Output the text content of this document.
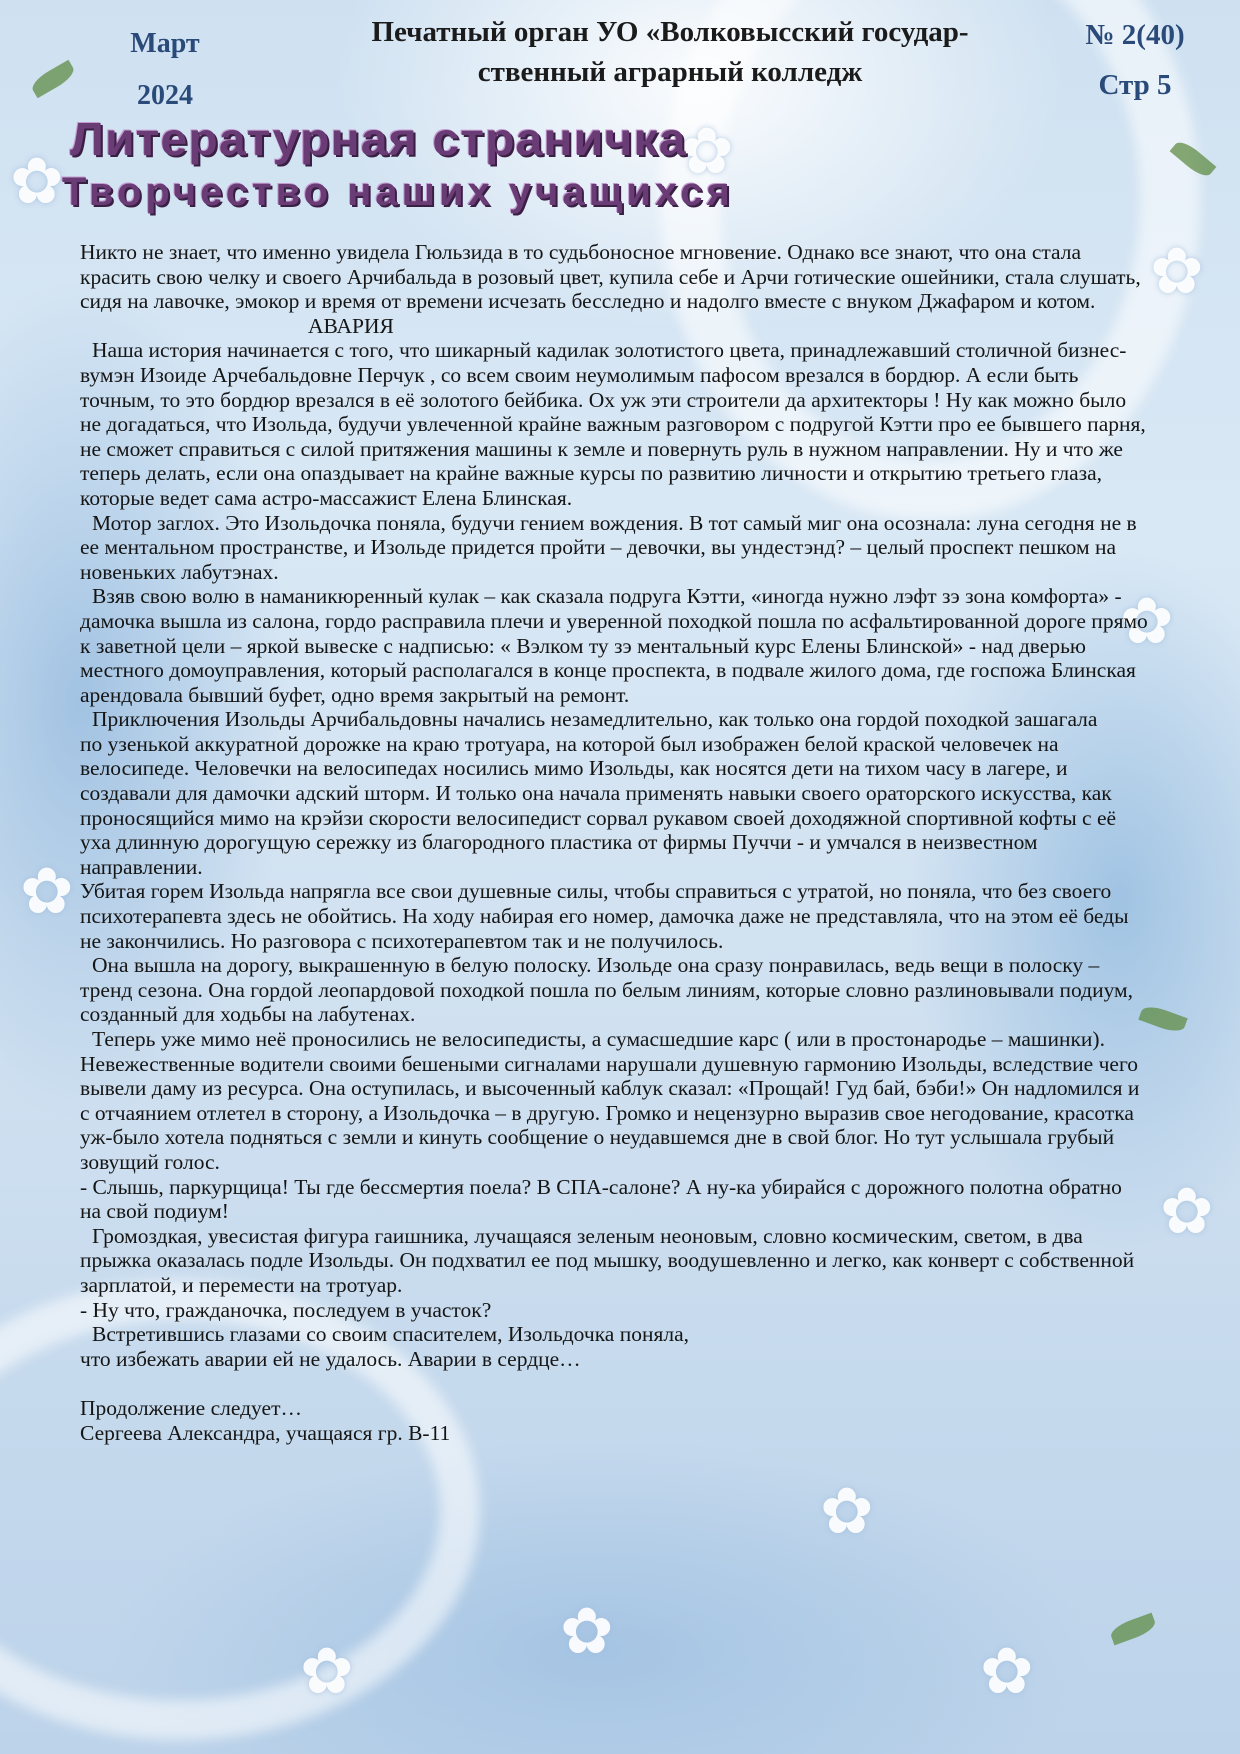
✿
✿
✿
✿
✿
✿
✿
✿
✿
✿
Март
2024
Печатный орган УО «Волковысский государ-
ственный аграрный колледж
№ 2(40)
Стр 5
Литературная страничка
Творчество наших учащихся

Никто не знает, что именно увидела Гюльзида в то судьбоносное мгновение. Однако все знают, что она стала красить свою челку и своего Арчибальда в розовый цвет, купила себе и Арчи готические ошейники, стала слушать, сидя на лавочке, эмокор и время от времени исчезать бесследно и надолго вместе с внуком Джафаром и котом.

АВАРИЯ

Наша история начинается с того, что шикарный кадилак золотистого цвета, принадлежавший столичной бизнес- вумэн Изоиде Арчебальдовне Перчук , со всем своим неумолимым пафосом врезался в бордюр. А если быть точным, то это бордюр врезался в её золотого бейбика. Ох уж эти строители да архитекторы ! Ну как можно было не догадаться, что Изольда, будучи увлеченной крайне важным разговором с подругой Кэтти про ее бывшего парня, не сможет справиться с силой притяжения машины к земле и повернуть руль в нужном направлении. Ну и что же теперь делать, если она опаздывает на крайне важные курсы по развитию личности и открытию третьего глаза, которые ведет сама астро-массажист Елена Блинская.

Мотор заглох. Это Изольдочка поняла, будучи гением вождения. В тот самый миг она осознала: луна сегодня не в ее ментальном пространстве, и Изольде придется пройти – девочки, вы ундестэнд? – целый проспект пешком на новеньких лабутэнах.

Взяв свою волю в наманикюренный кулак – как сказала подруга Кэтти, «иногда нужно лэфт зэ зона комфорта» - дамочка вышла из салона, гордо расправила плечи и уверенной походкой пошла по асфальтированной дороге прямо к заветной цели – яркой вывеске с надписью: « Вэлком ту зэ ментальный курс Елены Блинской» - над дверью местного домоуправления, который располагался в конце проспекта, в подвале жилого дома, где госпожа Блинская арендовала бывший буфет, одно время закрытый на ремонт.

Приключения Изольды Арчибальдовны начались незамедлительно, как только она гордой походкой зашагала

по узенькой аккуратной дорожке на краю тротуара, на которой был изображен белой краской человечек на велосипеде. Человечки на велосипедах носились мимо Изольды, как носятся дети на тихом часу в лагере, и создавали для дамочки адский шторм. И только она начала применять навыки своего ораторского искусства, как проносящийся мимо на крэйзи скорости велосипедист сорвал рукавом своей доходяжной спортивной кофты с её уха длинную дорогущую сережку из благородного пластика от фирмы Пуччи - и умчался в неизвестном направлении.

Убитая горем Изольда напрягла все свои душевные силы, чтобы справиться с утратой, но поняла, что без своего психотерапевта здесь не обойтись. На ходу набирая его номер, дамочка даже не представляла, что на этом её беды не закончились. Но разговора с психотерапевтом так и не получилось.

Она вышла на дорогу, выкрашенную в белую полоску. Изольде она сразу понравилась, ведь вещи в полоску – тренд сезона. Она гордой леопардовой походкой пошла по белым линиям, которые словно разлиновывали подиум, созданный для ходьбы на лабутенах.

Теперь уже мимо неё проносились не велосипедисты, а сумасшедшие карс ( или в простонародье – машинки). Невежественные водители своими бешеными сигналами нарушали душевную гармонию Изольды, вследствие чего вывели даму из ресурса. Она оступилась, и высоченный каблук сказал: «Прощай! Гуд бай, бэби!» Он надломился и с отчаянием отлетел в сторону, а Изольдочка – в другую. Громко и нецензурно выразив свое негодование, красотка уж-было хотела подняться с земли и кинуть сообщение о неудавшемся дне в свой блог. Но тут услышала грубый зовущий голос.

- Слышь, паркурщица! Ты где бессмертия поела? В СПА-салоне? А ну-ка убирайся с дорожного полотна обратно на свой подиум!

Громоздкая, увесистая фигура гаишника, лучащаяся зеленым неоновым, словно космическим, светом, в два прыжка оказалась подле Изольды. Он подхватил ее под мышку, воодушевленно и легко, как конверт с собственной зарплатой, и перемести на тротуар.

- Ну что, гражданочка, последуем в участок?

Встретившись глазами со своим спасителем, Изольдочка поняла,

что избежать аварии ей не удалось. Аварии в сердце…

Продолжение следует…

Сергеева Александра, учащаяся гр. В-11
